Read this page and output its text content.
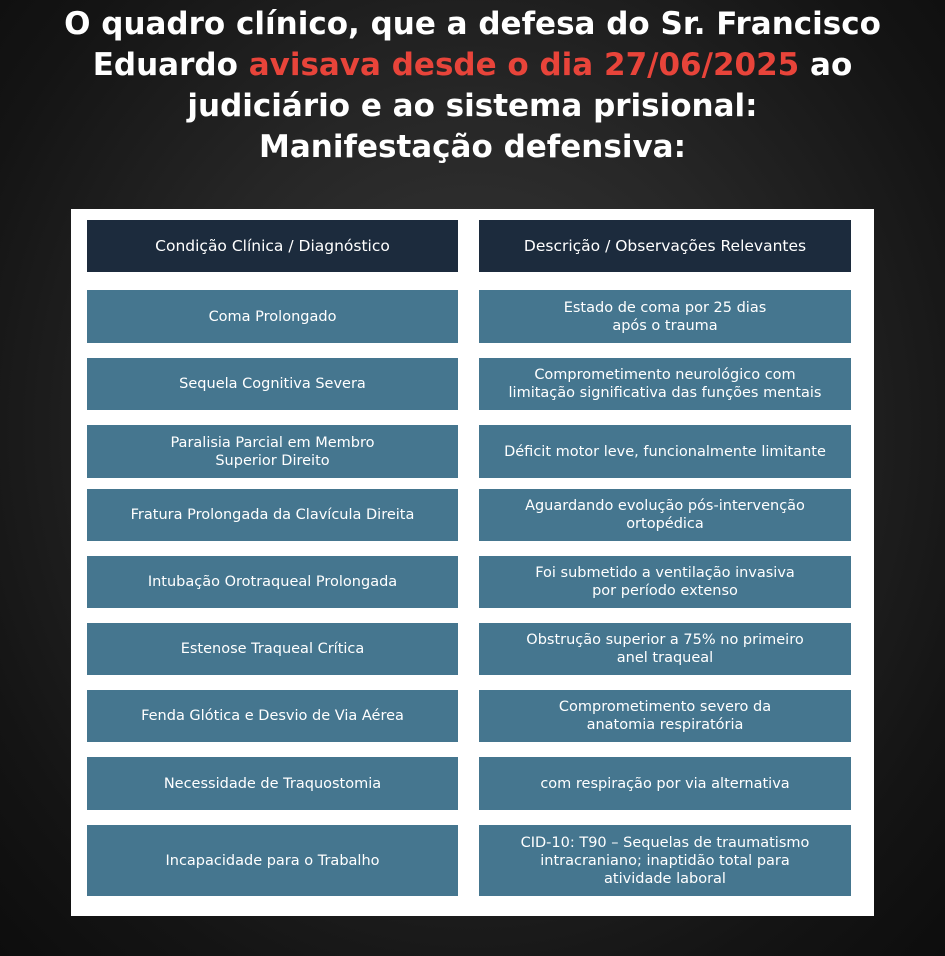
O quadro clínico, que a defesa do Sr. Francisco Eduardo avisava desde o dia 27/06/2025 ao judiciário e ao sistema prisional:
Manifestação defensiva:
Condição Clínica / Diagnóstico	Descrição / Observações Relevantes
Coma Prolongado
Estado de coma por 25 dias
após o trauma
Sequela Cognitiva Severa
Comprometimento neurológico com
limitação significativa das funções mentais
Paralisia Parcial em Membro
Superior Direito
Déficit motor leve, funcionalmente limitante
Fratura Prolongada da Clavícula Direita
Aguardando evolução pós-intervenção
ortopédica
Intubação Orotraqueal Prolongada
Foi submetido a ventilação invasiva
por período extenso
Estenose Traqueal Crítica
Obstrução superior a 75% no primeiro
anel traqueal
Fenda Glótica e Desvio de Via Aérea
Comprometimento severo da
anatomia respiratória
Necessidade de Traquostomia	com respiração por via alternativa
Incapacidade para o Trabalho
CID-10: T90 – Sequelas de traumatismo
intracraniano; inaptidão total para
atividade laboral
